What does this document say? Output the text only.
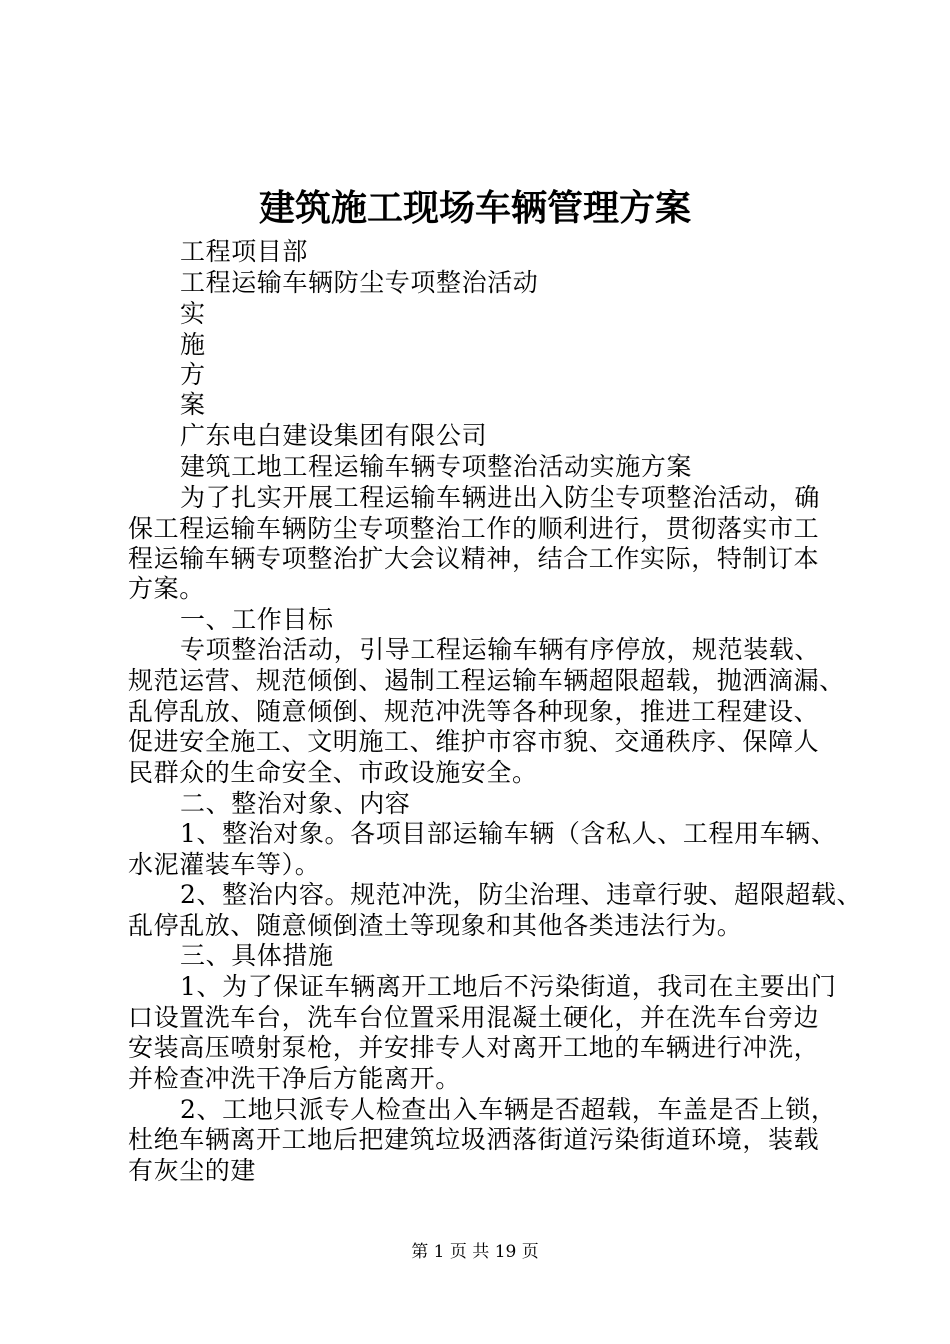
建筑施工现场车辆管理方案
工程项目部
工程运输车辆防尘专项整治活动
实
施
方
案
广东电白建设集团有限公司
建筑工地工程运输车辆专项整治活动实施方案
为了扎实开展工程运输车辆进出入防尘专项整治活动，确
保工程运输车辆防尘专项整治工作的顺利进行，贯彻落实市工
程运输车辆专项整治扩大会议精神，结合工作实际，特制订本
方案。
一、工作目标
专项整治活动，引导工程运输车辆有序停放，规范装载、
规范运营、规范倾倒、遏制工程运输车辆超限超载，抛洒滴漏、
乱停乱放、随意倾倒、规范冲洗等各种现象，推进工程建设、
促进安全施工、文明施工、维护市容市貌、交通秩序、保障人
民群众的生命安全、市政设施安全。
二、整治对象、内容
1、整治对象。各项目部运输车辆（含私人、工程用车辆、
水泥灌装车等）。
2、整治内容。规范冲洗，防尘治理、违章行驶、超限超载、
乱停乱放、随意倾倒渣土等现象和其他各类违法行为。
三、具体措施
1、为了保证车辆离开工地后不污染街道，我司在主要出门
口设置洗车台，洗车台位置采用混凝土硬化，并在洗车台旁边
安装高压喷射泵枪，并安排专人对离开工地的车辆进行冲洗，
并检查冲洗干净后方能离开。
2、工地只派专人检查出入车辆是否超载，车盖是否上锁，
杜绝车辆离开工地后把建筑垃圾洒落街道污染街道环境，装载
有灰尘的建
第 1 页 共 19 页
